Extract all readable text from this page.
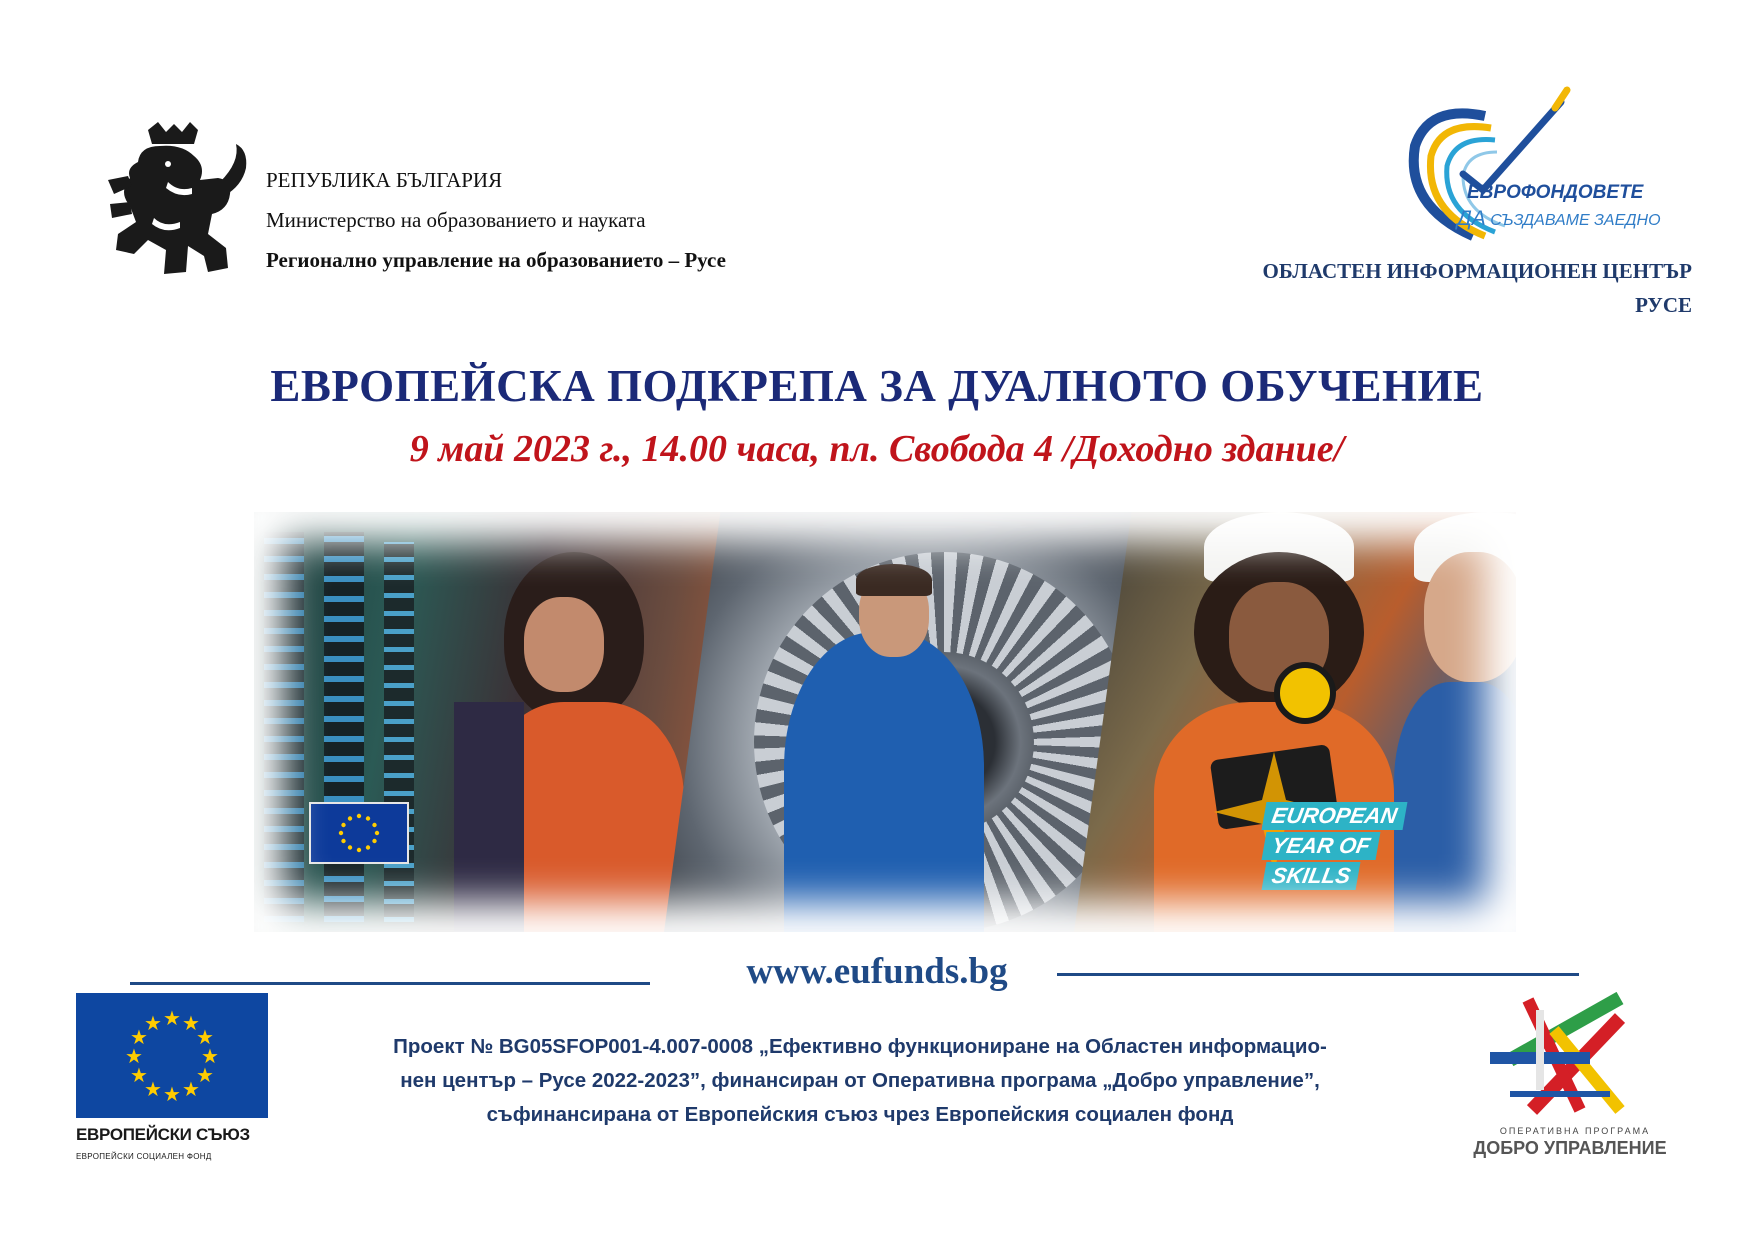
РЕПУБЛИКА БЪЛГАРИЯ
Министерство на образованието и науката
Регионално управление на образованието – Русе
ЕВРОФОНДОВЕТЕ
ДА СЪЗДАВАМЕ ЗАЕДНО
ОБЛАСТЕН ИНФОРМАЦИОНЕН ЦЕНТЪР
РУСЕ
ЕВРОПЕЙСКА ПОДКРЕПА ЗА ДУАЛНОТО ОБУЧЕНИЕ
9 май 2023 г., 14.00 часа, пл. Свобода 4 /Доходно здание/
EUROPEAN
YEAR OF
SKILLS
www.eufunds.bg
★ ★
★
★
★
★
★
★
★
★
★
★
ЕВРОПЕЙСКИ СЪЮЗ
ЕВРОПЕЙСКИ СОЦИАЛЕН ФОНД
Проект № BG05SFOP001-4.007-0008 „Ефективно функциониране на Областен информацио-
нен център – Русе 2022-2023”, финансиран от Оперативна програма „Добро управление”,
съфинансирана от Европейския съюз чрез Европейския социален фонд
ОПЕРАТИВНА ПРОГРАМА
ДОБРО УПРАВЛЕНИЕ
